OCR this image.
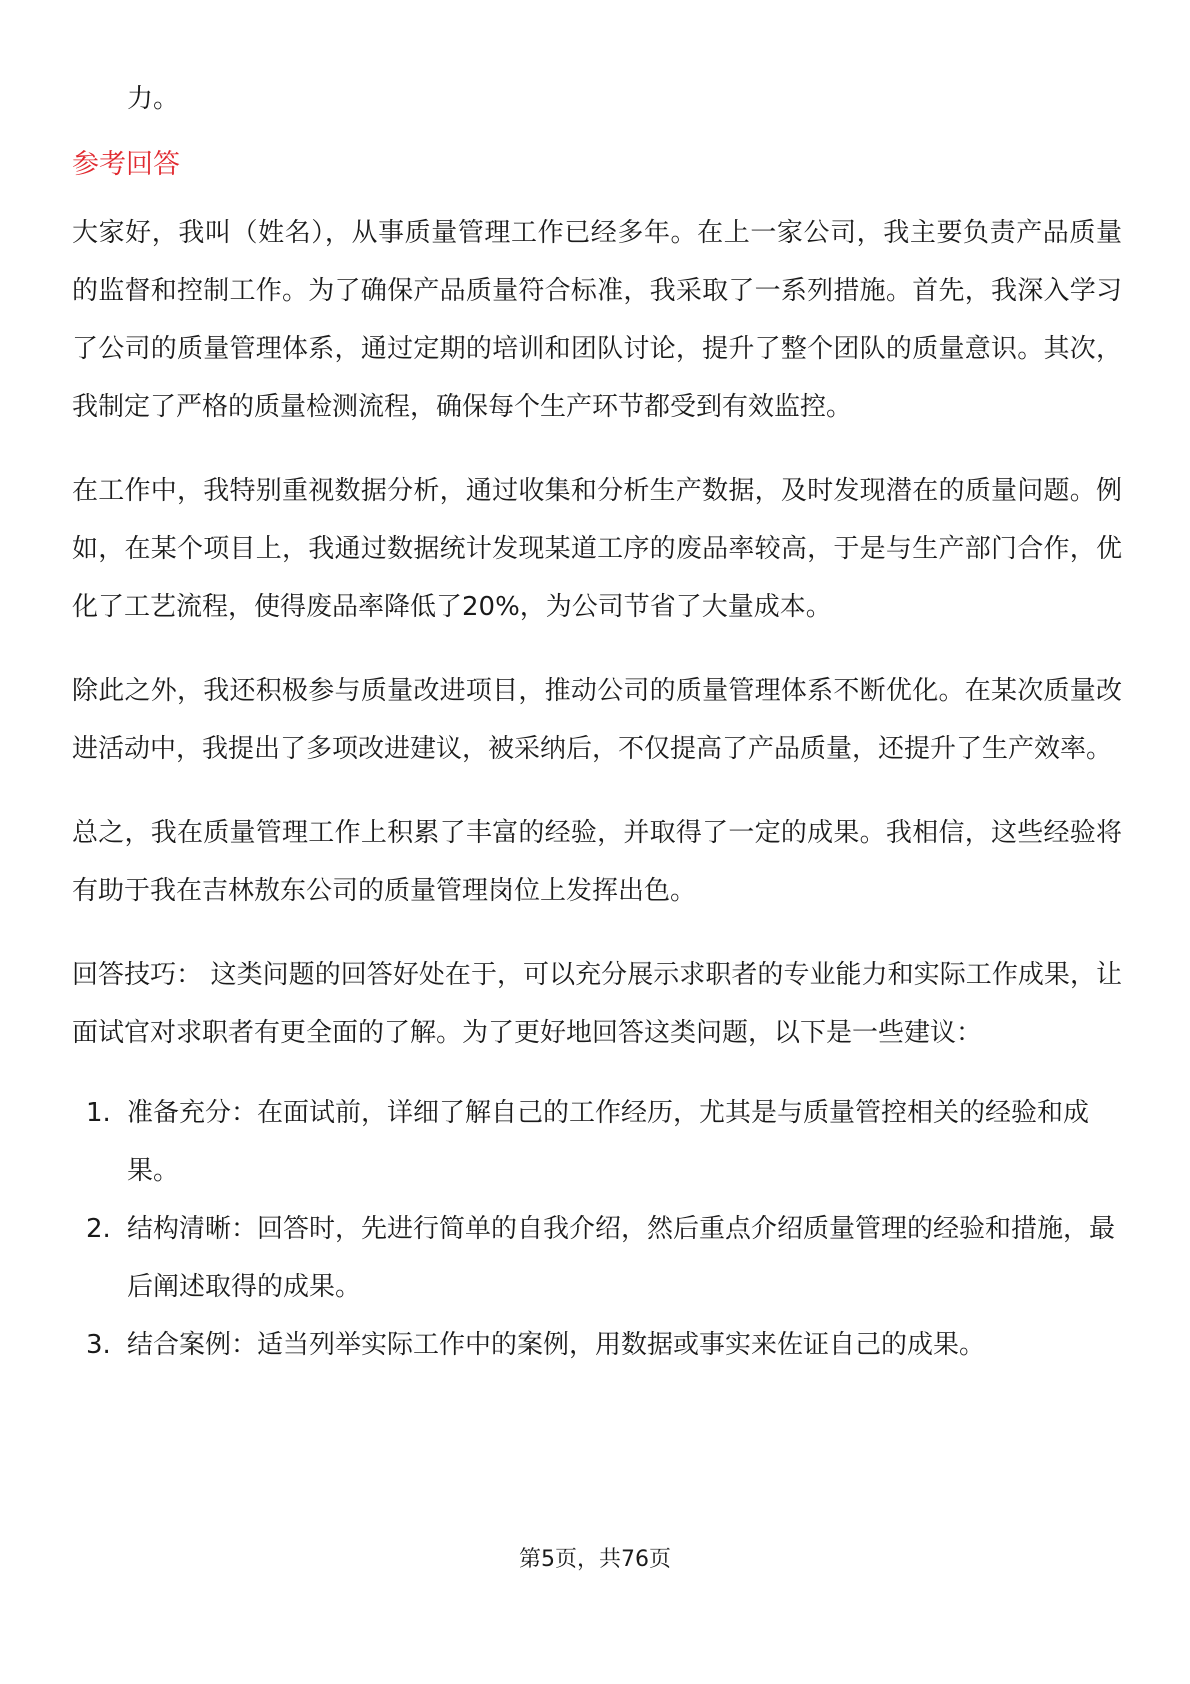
力。

参考回答

大家好，我叫（姓名），从事质量管理工作已经多年。在上一家公司，我主要负责产品质量的监督和控制工作。为了确保产品质量符合标准，我采取了一系列措施。首先，我深入学习了公司的质量管理体系，通过定期的培训和团队讨论，提升了整个团队的质量意识。其次，我制定了严格的质量检测流程，确保每个生产环节都受到有效监控。

在工作中，我特别重视数据分析，通过收集和分析生产数据，及时发现潜在的质量问题。例如，在某个项目上，我通过数据统计发现某道工序的废品率较高，于是与生产部门合作，优化了工艺流程，使得废品率降低了20%，为公司节省了大量成本。

除此之外，我还积极参与质量改进项目，推动公司的质量管理体系不断优化。在某次质量改进活动中，我提出了多项改进建议，被采纳后，不仅提高了产品质量，还提升了生产效率。

总之，我在质量管理工作上积累了丰富的经验，并取得了一定的成果。我相信，这些经验将有助于我在吉林敖东公司的质量管理岗位上发挥出色。

回答技巧： 这类问题的回答好处在于，可以充分展示求职者的专业能力和实际工作成果，让面试官对求职者有更全面的了解。为了更好地回答这类问题，以下是一些建议：

1. 准备充分：在面试前，详细了解自己的工作经历，尤其是与质量管控相关的经验和成果。
2. 结构清晰：回答时，先进行简单的自我介绍，然后重点介绍质量管理的经验和措施，最后阐述取得的成果。
3. 结合案例：适当列举实际工作中的案例，用数据或事实来佐证自己的成果。
第5页，共76页
